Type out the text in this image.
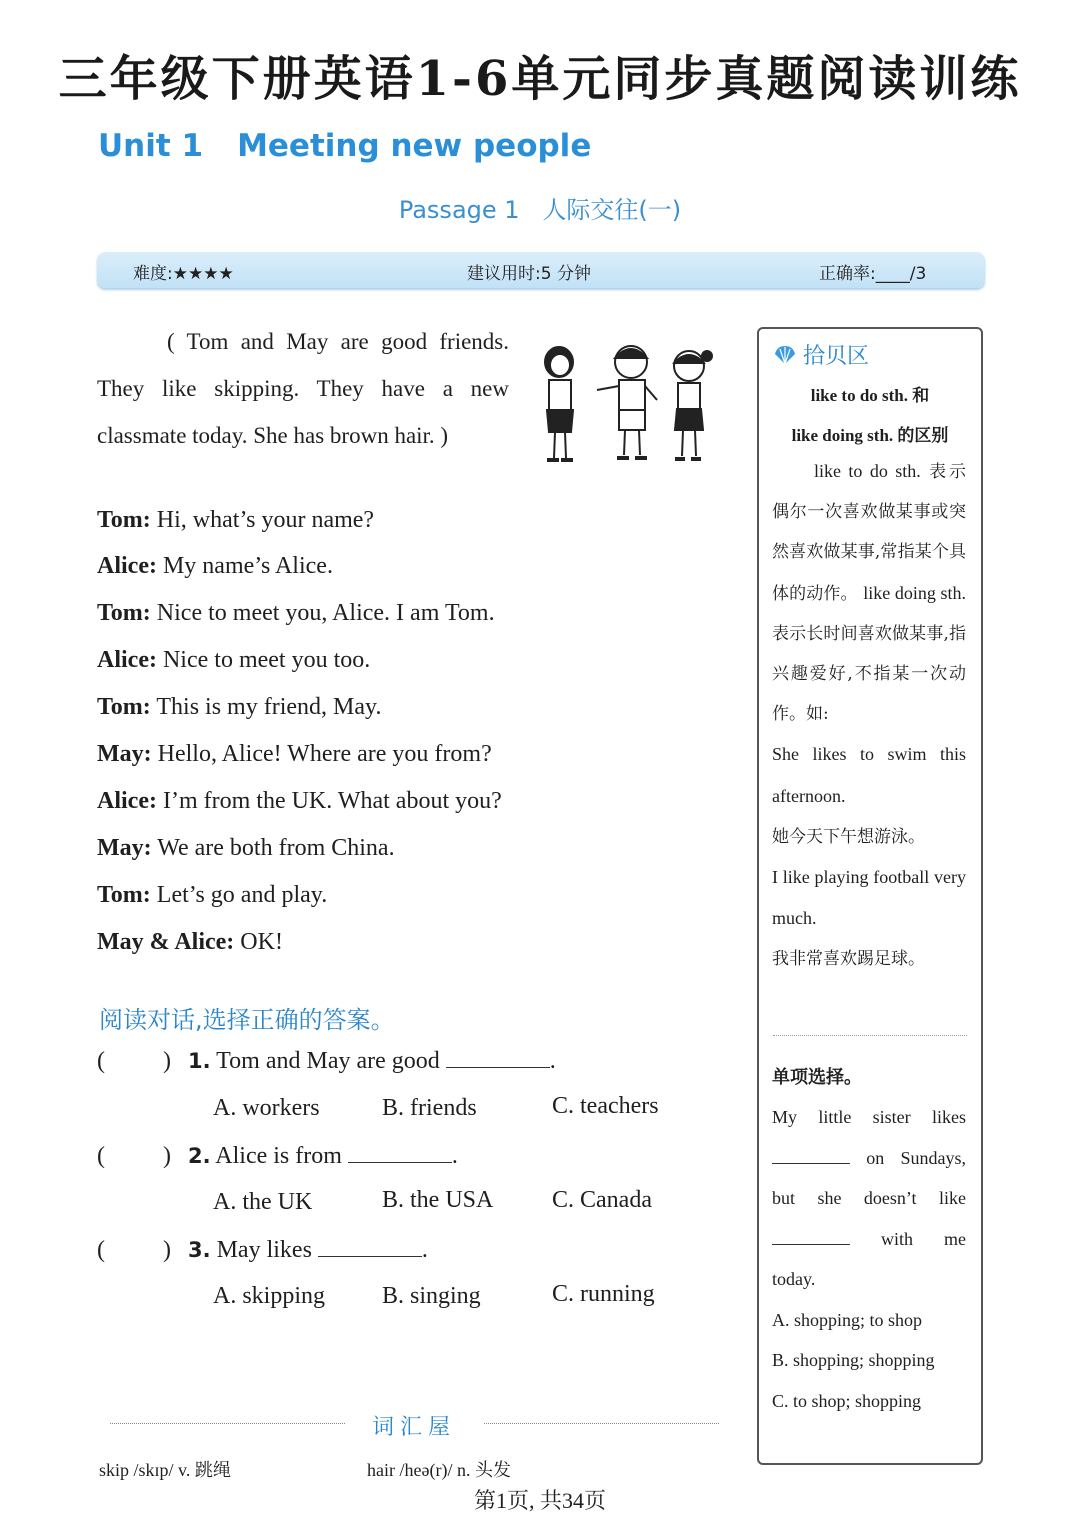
三年级下册英语1-6单元同步真题阅读训练
Unit 1 Meeting new people
Passage 1 人际交往(一)
难度:★★★★	建议用时:5 分钟	正确率:____/3
( Tom and May are good friends. They like skipping. They have a new classmate today. She has brown hair. )
Tom: Hi, what’s your name?
Alice: My name’s Alice.
Tom: Nice to meet you, Alice. I am Tom.
Alice: Nice to meet you too.
Tom: This is my friend, May.
May: Hello, Alice! Where are you from?
Alice: I’m from the UK. What about you?
May: We are both from China.
Tom: Let’s go and play.
May & Alice: OK!
阅读对话,选择正确的答案。
( ) 1. Tom and May are good	.
A. workers	B. friends	C. teachers
( ) 2. Alice is from	.
A. the UK	B. the USA C. Canada
( ) 3. May likes	.
A. skipping B. singing	C. running
词汇屋
skip /skɪp/ v. 跳绳	hair /heə(r)/ n. 头发
第1页, 共34页
拾贝区
like to do sth. 和
like doing sth. 的区别
like to do sth. 表示偶尔一次喜欢做某事或突然喜欢做某事,常指某个具体的动作。 like doing sth. 表示长时间喜欢做某事,指兴趣爱好,不指某一次动作。如:
She likes to swim this afternoon.
她今天下午想游泳。
I like playing football very much.
我非常喜欢踢足球。
单项选择。
My little sister likes
on Sundays,
but she doesn’t like
with me
today.
A. shopping; to shop
B. shopping; shopping
C. to shop; shopping
